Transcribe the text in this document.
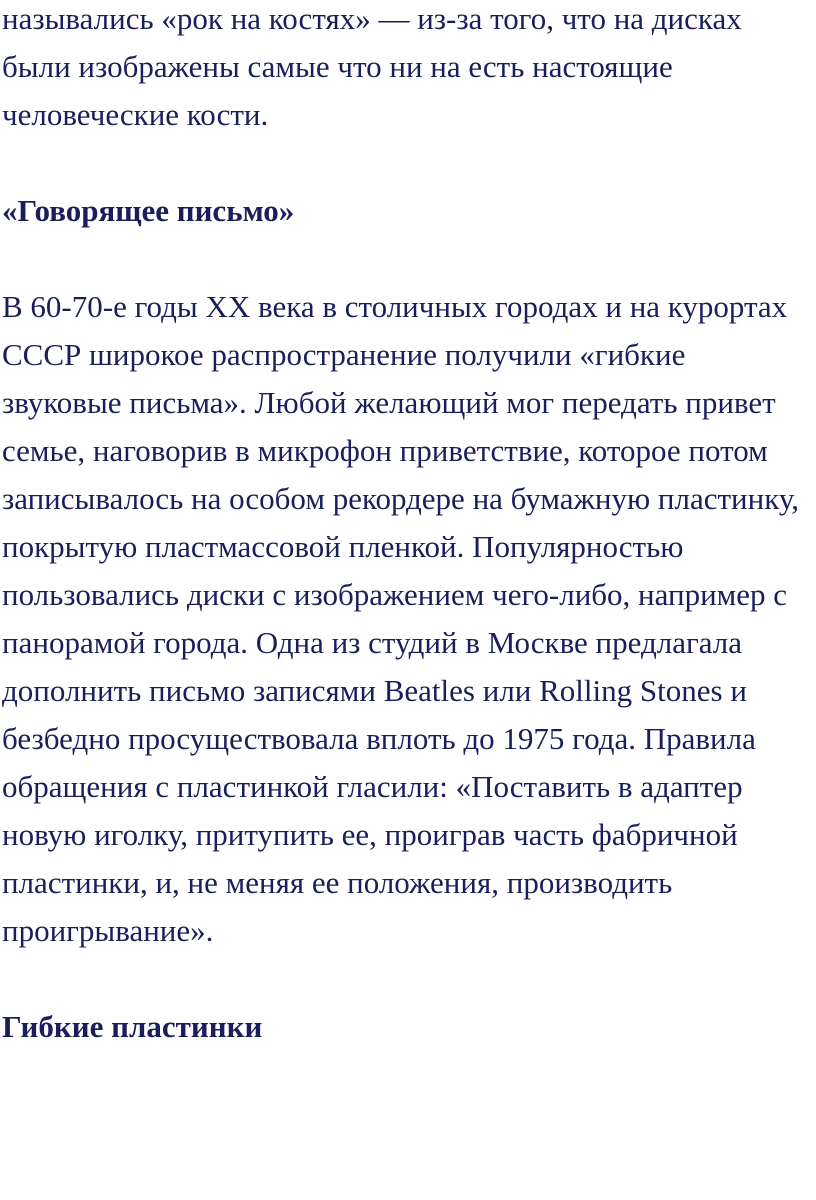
назывались «рок на костях» — из-за того, что на дисках были изображены самые что ни на есть настоящие человеческие кости.

«Говорящее письмо»

В 60-70-е годы XX века в столичных городах и на курортах СССР широкое распространение получили «гибкие звуковые письма». Любой желающий мог передать привет семье, наговорив в микрофон приветствие, которое потом записывалось на особом рекордере на бумажную пластинку, покрытую пластмассовой пленкой. Популярностью пользовались диски с изображением чего-либо, например с панорамой города. Одна из студий в Москве предлагала дополнить письмо записями Beatles или Rolling Stones и безбедно просуществовала вплоть до 1975 года. Правила обращения с пластинкой гласили: «Поставить в адаптер новую иголку, притупить ее, проиграв часть фабричной пластинки, и, не меняя ее положения, производить проигрывание».

Гибкие пластинки
